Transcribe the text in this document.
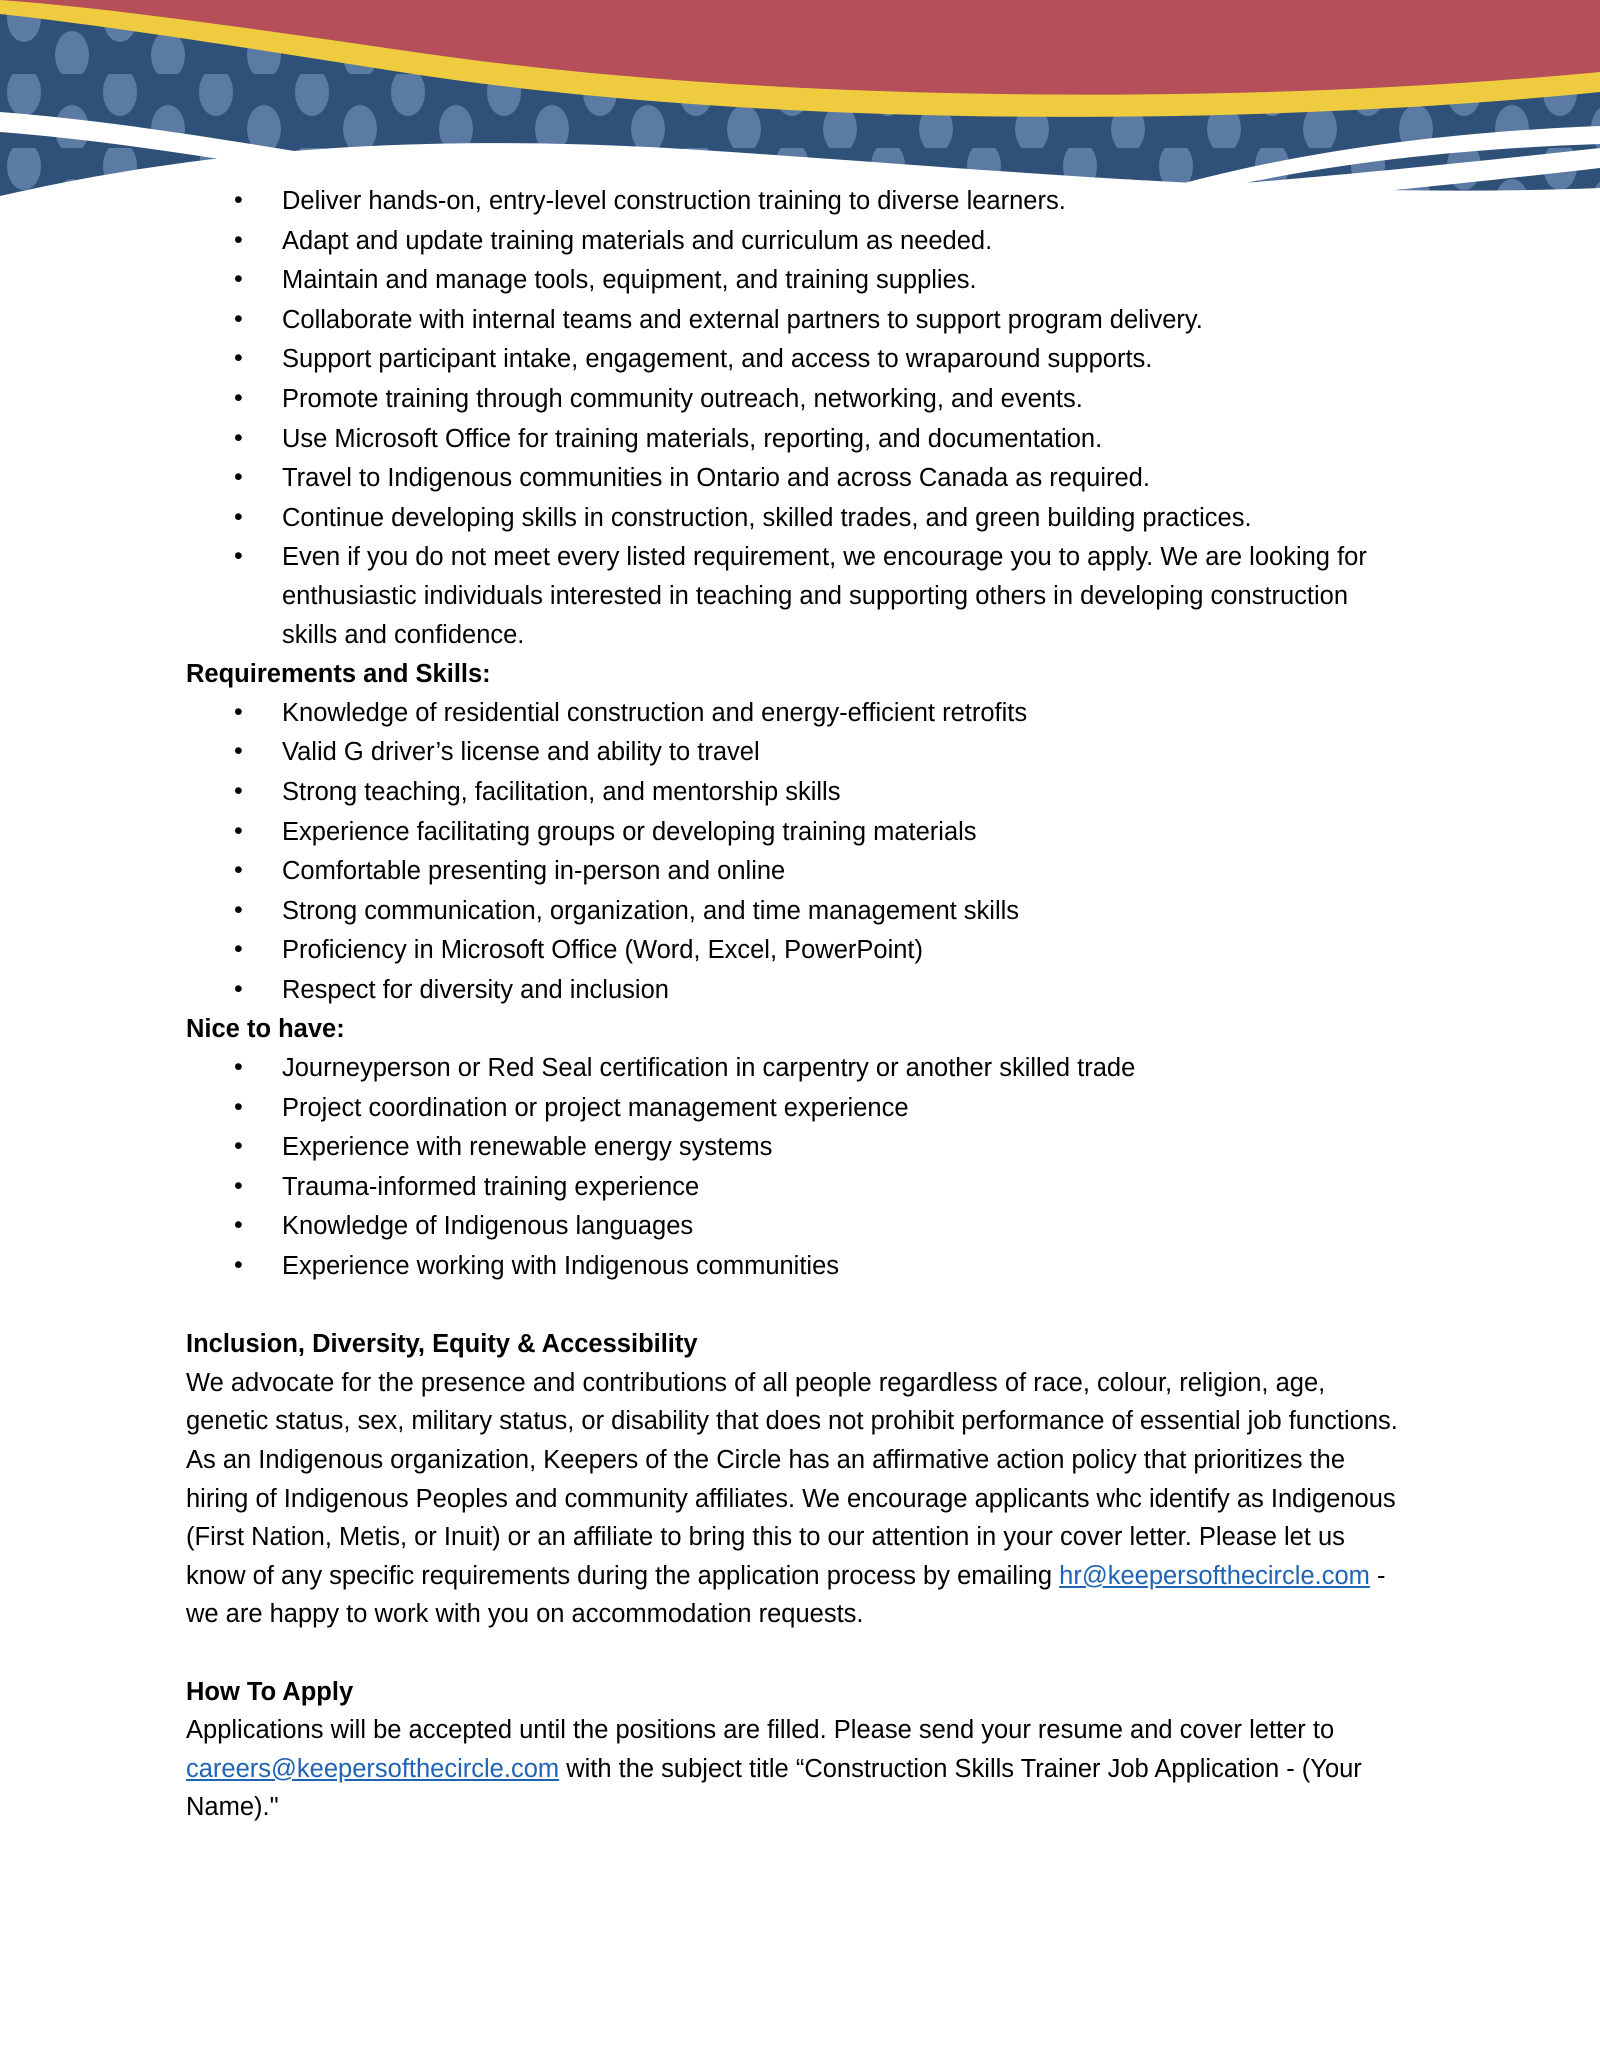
• Deliver hands-on, entry-level construction training to diverse learners.
• Adapt and update training materials and curriculum as needed.
• Maintain and manage tools, equipment, and training supplies.
• Collaborate with internal teams and external partners to support program delivery.
• Support participant intake, engagement, and access to wraparound supports.
• Promote training through community outreach, networking, and events.
• Use Microsoft Office for training materials, reporting, and documentation.
• Travel to Indigenous communities in Ontario and across Canada as required.
• Continue developing skills in construction, skilled trades, and green building practices.
• Even if you do not meet every listed requirement, we encourage you to apply. We are looking for enthusiastic individuals interested in teaching and supporting others in developing construction skills and confidence.
Requirements and Skills:
• Knowledge of residential construction and energy-efficient retrofits
• Valid G driver’s license and ability to travel
• Strong teaching, facilitation, and mentorship skills
• Experience facilitating groups or developing training materials
• Comfortable presenting in-person and online
• Strong communication, organization, and time management skills
• Proficiency in Microsoft Office (Word, Excel, PowerPoint)
• Respect for diversity and inclusion
Nice to have:
• Journeyperson or Red Seal certification in carpentry or another skilled trade
• Project coordination or project management experience
• Experience with renewable energy systems
• Trauma-informed training experience
• Knowledge of Indigenous languages
• Experience working with Indigenous communities
Inclusion, Diversity, Equity & Accessibility

We advocate for the presence and contributions of all people regardless of race, colour, religion, age, genetic status, sex, military status, or disability that does not prohibit performance of essential job functions. As an Indigenous organization, Keepers of the Circle has an affirmative action policy that prioritizes the hiring of Indigenous Peoples and community affiliates. We encourage applicants whc identify as Indigenous (First Nation, Metis, or Inuit) or an affiliate to bring this to our attention in your cover letter. Please let us know of any specific requirements during the application process by emailing hr@keepersofthecircle.com - we are happy to work with you on accommodation requests.

How To Apply

Applications will be accepted until the positions are filled. Please send your resume and cover letter to careers@keepersofthecircle.com with the subject title “Construction Skills Trainer Job Application - (Your Name)."
